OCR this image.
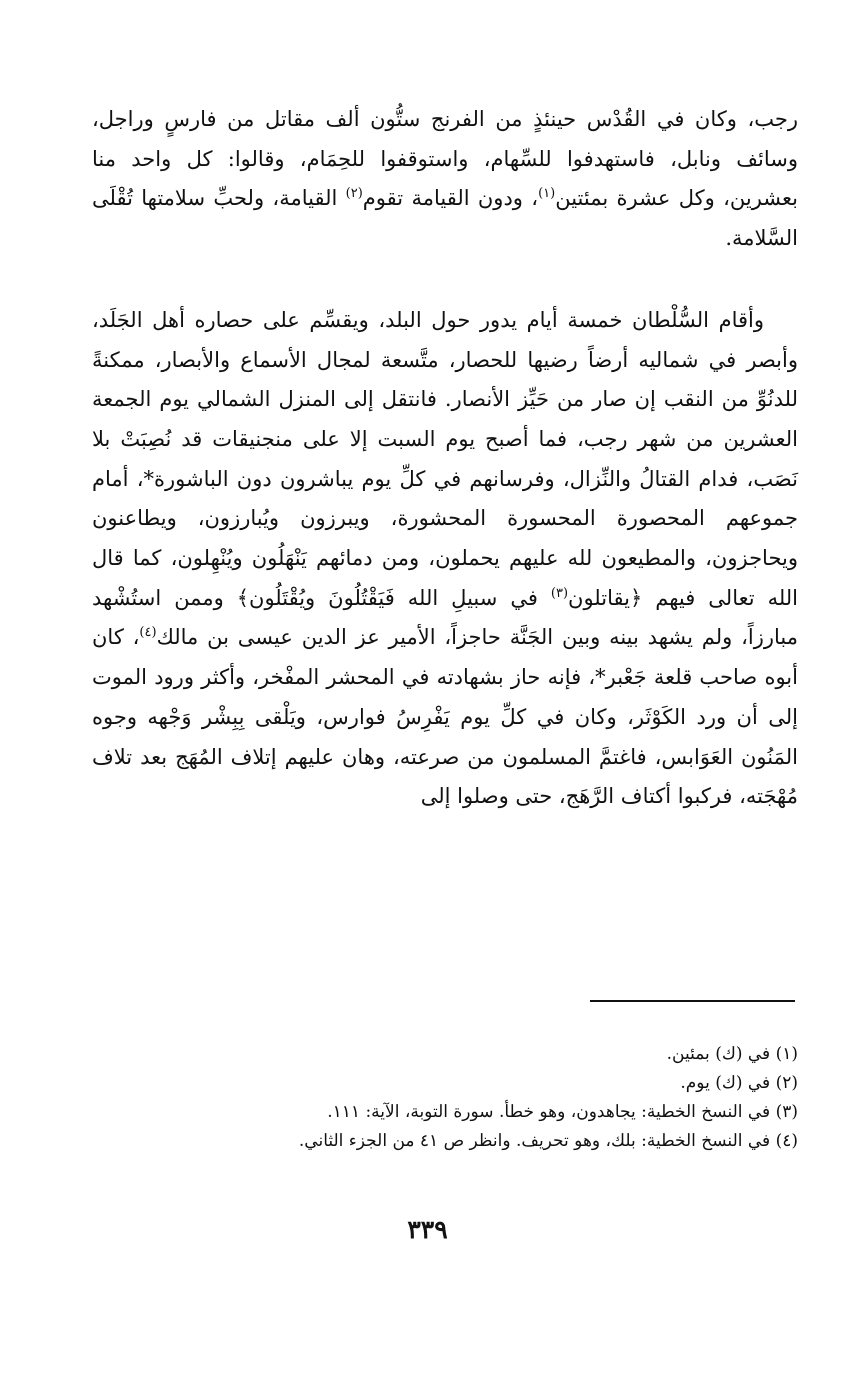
رجب، وكان في القُدْس حينئذٍ من الفرنج ستُّون ألف مقاتل من فارسٍ وراجل، وسائف ونابل، فاستهدفوا للسِّهام، واستوقفوا للحِمَام، وقالوا: كل واحد منا بعشرين، وكل عشرة بمئتين$^{(١)}$، ودون القيامة تقوم$^{(٢)}$ القيامة، ولحبِّ سلامتها تُقْلَى السَّلامة.

وأقام السُّلْطان خمسة أيام يدور حول البلد، ويقسِّم على حصاره أهل الجَلَد، وأبصر في شماليه أرضاً رضيها للحصار، متَّسعة لمجال الأسماع والأبصار، ممكنةً للدنُوِّ من النقب إن صار من حَيِّز الأنصار. فانتقل إلى المنزل الشمالي يوم الجمعة العشرين من شهر رجب، فما أصبح يوم السبت إلا على منجنيقات قد نُصِبَتْ بلا نَصَب، فدام القتالُ والنِّزال، وفرسانهم في كلِّ يوم يباشرون دون الباشورة*، أمام جموعهم المحصورة المحسورة المحشورة، ويبرزون ويُبارزون، ويطاعنون ويحاجزون، والمطيعون لله عليهم يحملون، ومن دمائهم يَنْهَلُون ويُنْهِلون، كما قال الله تعالى فيهم ﴿يقاتلون$^{(٣)}$ في سبيلِ الله فَيَقْتُلُونَ ويُقْتَلُون﴾ وممن استُشْهد مبارزاً، ولم يشهد بينه وبين الجَنَّة حاجزاً، الأمير عز الدين عيسى بن مالك$^{(٤)}$، كان أبوه صاحب قلعة جَعْبر*، فإنه حاز بشهادته في المحشر المفْخر، وأكثر ورود الموت إلى أن ورد الكَوْثَر، وكان في كلِّ يوم يَفْرِسُ فوارس، ويَلْقى بِبِشْر وَجْهه وجوه المَنُون العَوَابس، فاغتمَّ المسلمون من صرعته، وهان عليهم إتلاف المُهَج بعد تلاف مُهْجَته، فركبوا أكتاف الرَّهَج، حتى وصلوا إلى

(١) في (ك) بمئين.

(٢) في (ك) يوم.

(٣) في النسخ الخطية: يجاهدون، وهو خطأ. سورة التوبة، الآية: ١١١.

(٤) في النسخ الخطية: بلك، وهو تحريف. وانظر ص ٤١ من الجزء الثاني.

٣٣٩
